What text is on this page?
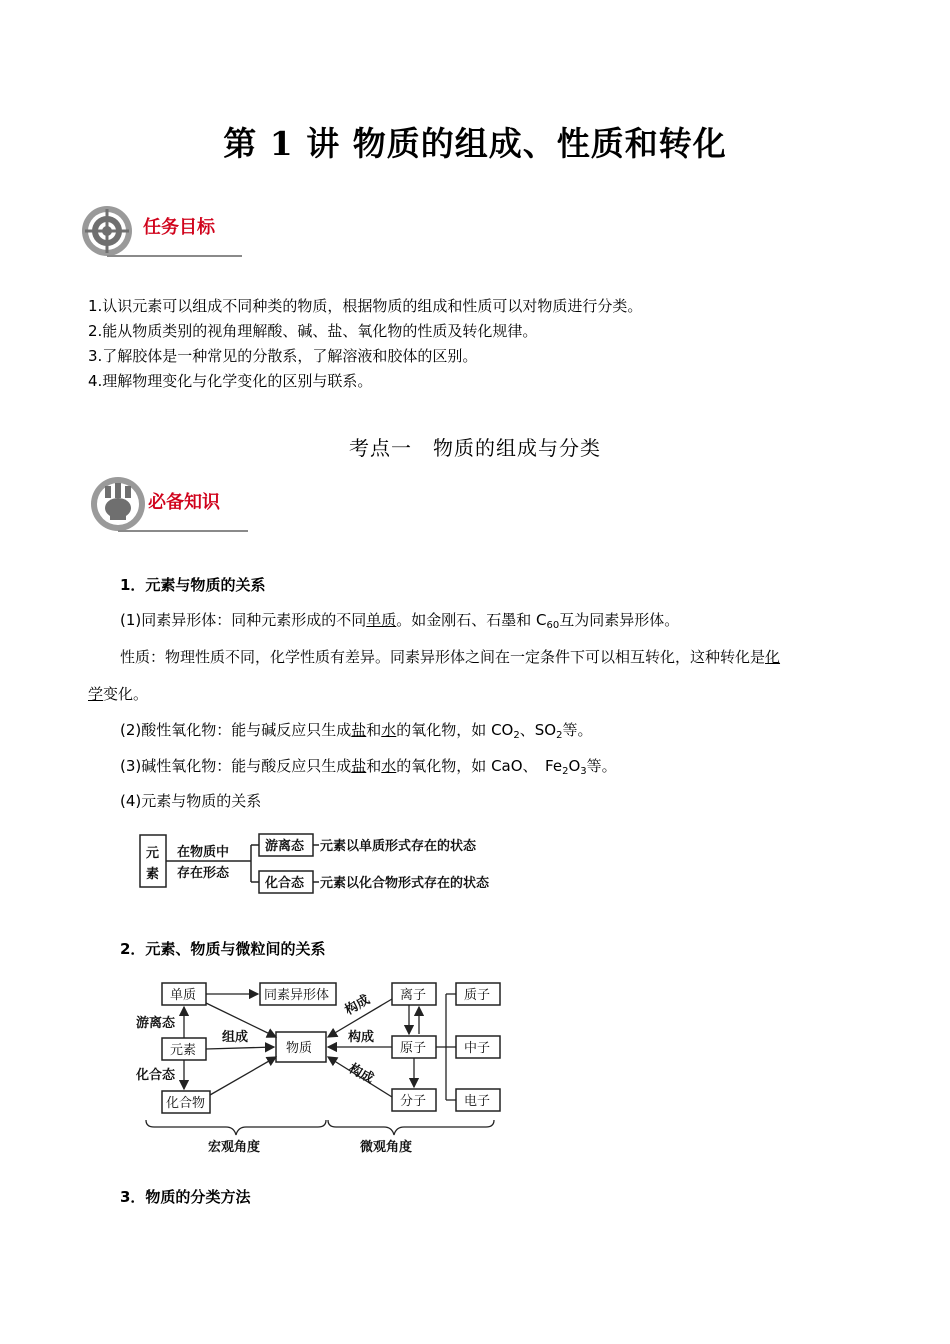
第 1 讲 物质的组成、性质和转化
任务目标
1.认识元素可以组成不同种类的物质，根据物质的组成和性质可以对物质进行分类。
2.能从物质类别的视角理解酸、碱、盐、氧化物的性质及转化规律。
3.了解胶体是一种常见的分散系，了解溶液和胶体的区别。
4.理解物理变化与化学变化的区别与联系。
考点一　物质的组成与分类
必备知识
1．元素与物质的关系
(1)同素异形体：同种元素形成的不同单质。如金刚石、石墨和 $C_{60}$互为同素异形体。
性质：物理性质不同，化学性质有差异。同素异形体之间在一定条件下可以相互转化，这种转化是化
学变化。
(2)酸性氧化物：能与碱反应只生成盐和水的氧化物，如 $CO_2$、$SO_2$等。
(3)碱性氧化物：能与酸反应只生成盐和水的氧化物，如 CaO、　$Fe_2O_3$等。
(4)元素与物质的关系
元
素
在物质中
存在形态
游离态 元素以单质形式存在的状态
化合态 元素以化合物形式存在的状态
2．元素、物质与微粒间的关系
单质	同素异形体
元素
化合物
物质
离子
原子
分子
质子
中子
电子
游离态
化合态
组成
构成
构成
构成
宏观角度	微观角度
3．物质的分类方法
